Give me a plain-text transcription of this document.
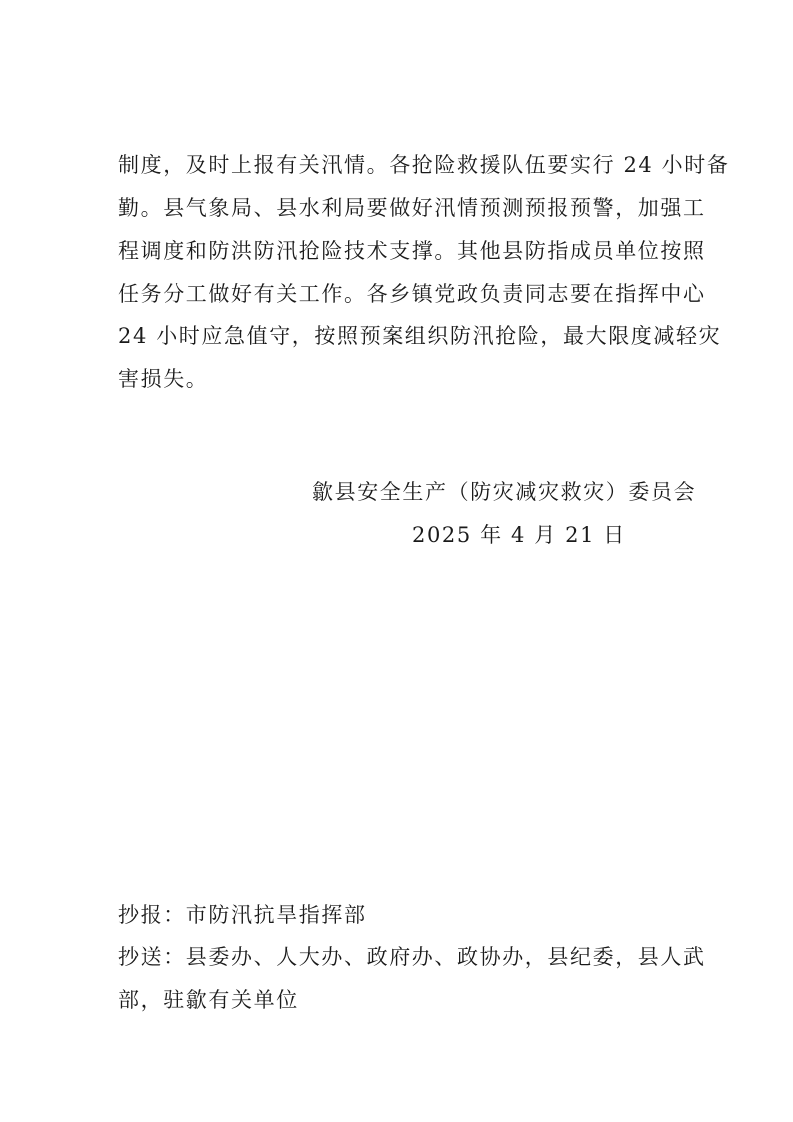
制度，及时上报有关汛情。各抢险救援队伍要实行 24 小时备
勤。县气象局、县水利局要做好汛情预测预报预警，加强工
程调度和防洪防汛抢险技术支撑。其他县防指成员单位按照
任务分工做好有关工作。各乡镇党政负责同志要在指挥中心
24 小时应急值守，按照预案组织防汛抢险，最大限度减轻灾
害损失。
歙县安全生产（防灾减灾救灾）委员会
2025 年 4 月 21 日
抄报：市防汛抗旱指挥部
抄送：县委办、人大办、政府办、政协办，县纪委，县人武
部，驻歙有关单位
